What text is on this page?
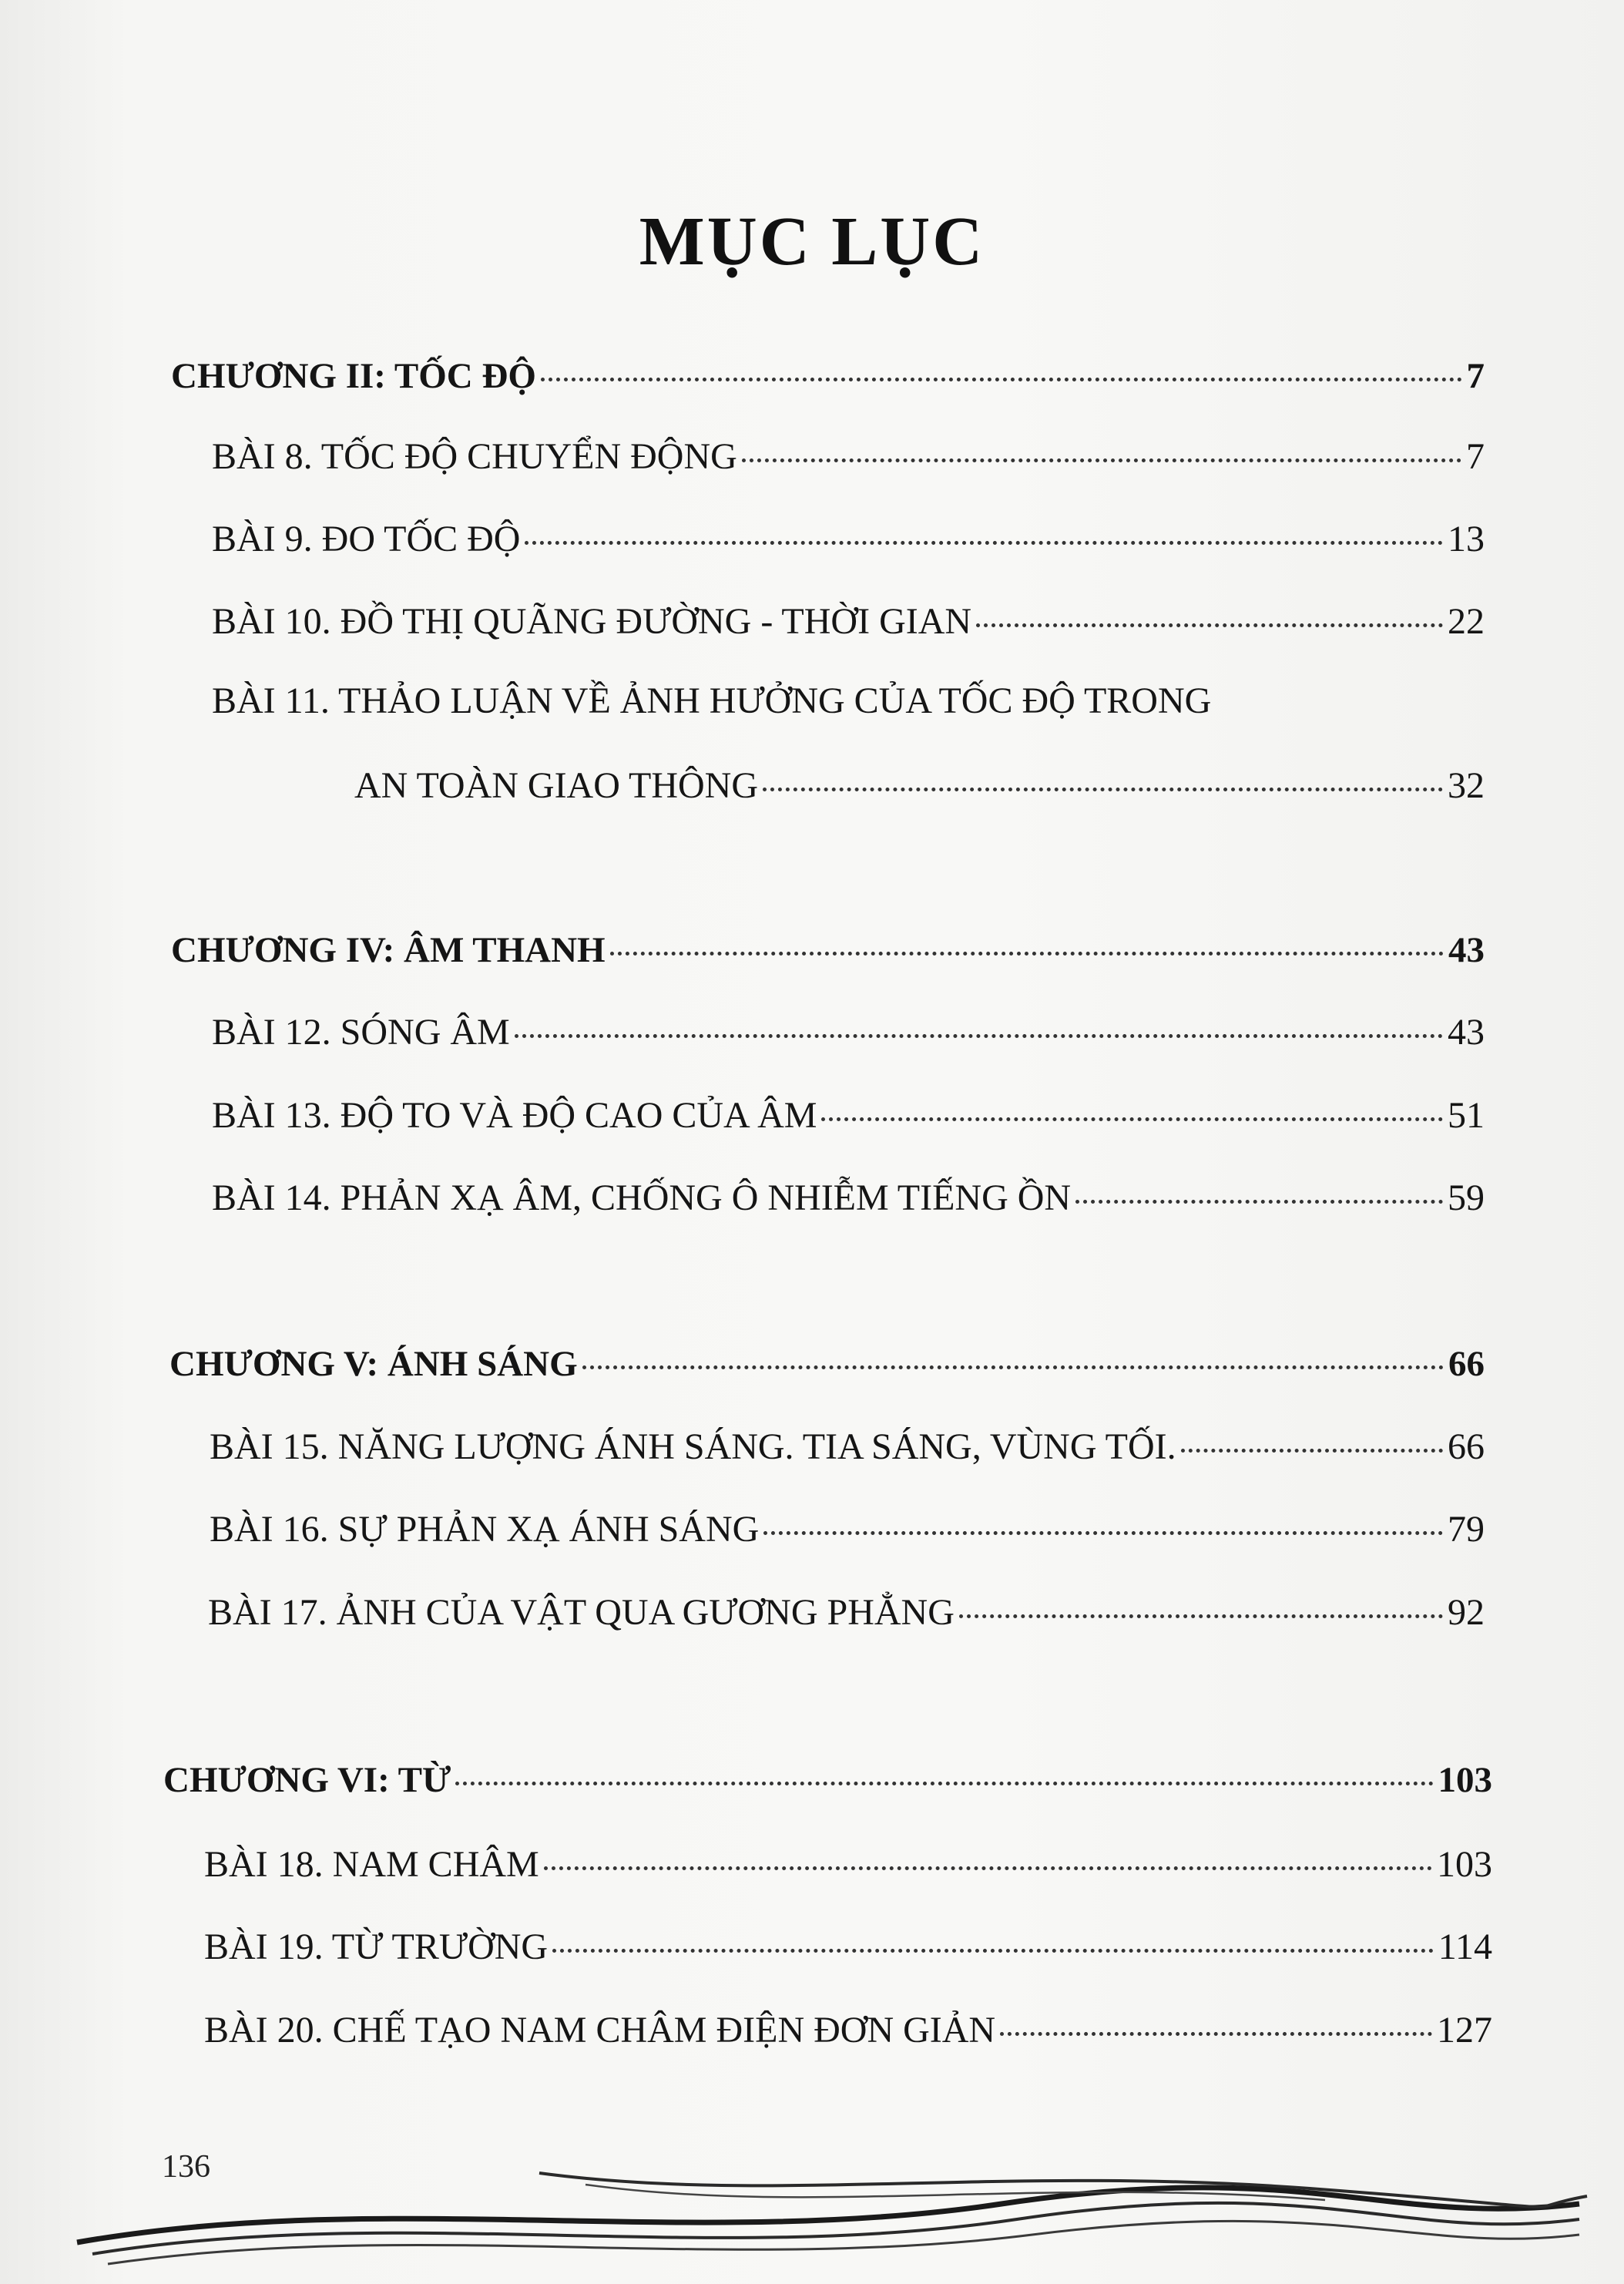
MỤC LỤC
CHƯƠNG II: TỐC ĐỘ	7
BÀI 8. TỐC ĐỘ CHUYỂN ĐỘNG	7
BÀI 9. ĐO TỐC ĐỘ	13
BÀI 10. ĐỒ THỊ QUÃNG ĐƯỜNG - THỜI GIAN	22
BÀI 11. THẢO LUẬN VỀ ẢNH HƯỞNG CỦA TỐC ĐỘ TRONG
AN TOÀN GIAO THÔNG	32
CHƯƠNG IV: ÂM THANH	43
BÀI 12. SÓNG ÂM	43
BÀI 13. ĐỘ TO VÀ ĐỘ CAO CỦA ÂM	51
BÀI 14. PHẢN XẠ ÂM, CHỐNG Ô NHIỄM TIẾNG ỒN	59
CHƯƠNG V: ÁNH SÁNG	66
BÀI 15. NĂNG LƯỢNG ÁNH SÁNG. TIA SÁNG, VÙNG TỐI.	66
BÀI 16. SỰ PHẢN XẠ ÁNH SÁNG	79
BÀI 17. ẢNH CỦA VẬT QUA GƯƠNG PHẲNG	92
CHƯƠNG VI: TỪ	103
BÀI 18. NAM CHÂM	103
BÀI 19. TỪ TRƯỜNG	114
BÀI 20. CHẾ TẠO NAM CHÂM ĐIỆN ĐƠN GIẢN	127
136
